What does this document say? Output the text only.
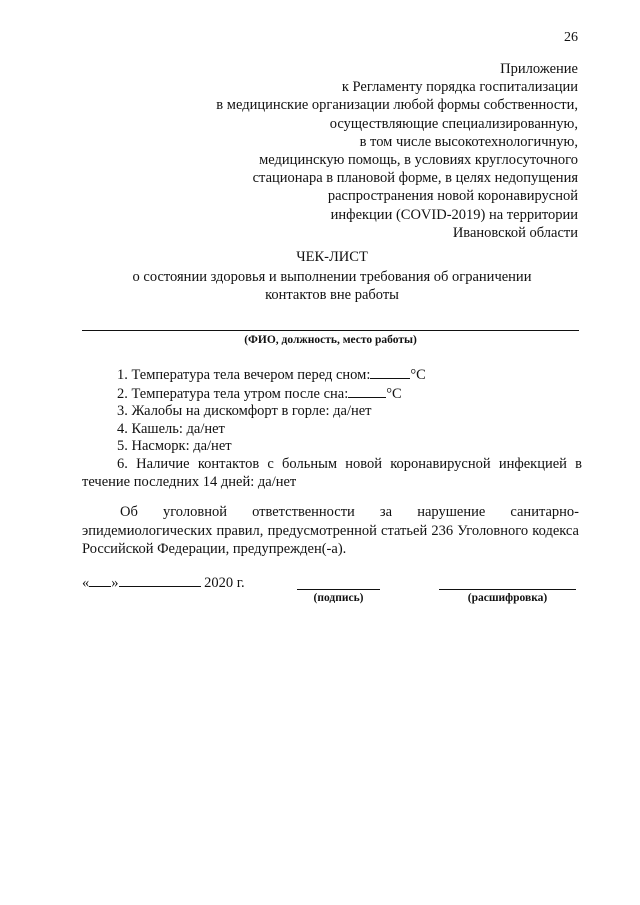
26
Приложение
к Регламенту порядка госпитализации
в медицинские организации любой формы собственности,
осуществляющие специализированную,
в том числе высокотехнологичную,
медицинскую помощь, в условиях круглосуточного
стационара в плановой форме, в целях недопущения
распространения новой коронавирусной
инфекции (COVID-2019) на территории
Ивановской области
ЧЕК-ЛИСТ
о состоянии здоровья и выполнении требования об ограничении
контактов вне работы
(ФИО, должность, место работы)
1. Температура тела вечером перед сном:	°С
2. Температура тела утром после сна:	°С
3. Жалобы на дискомфорт в горле: да/нет
4. Кашель: да/нет
5. Насморк: да/нет
6. Наличие контактов с больным новой коронавирусной инфекцией в течение последних 14 дней: да/нет
Об уголовной ответственности за нарушение санитарно-
эпидемиологических правил, предусмотренной статьей 236 Уголовного кодекса Российской Федерации, предупрежден(-а).
« »	2020 г.
(подпись)	(расшифровка)
